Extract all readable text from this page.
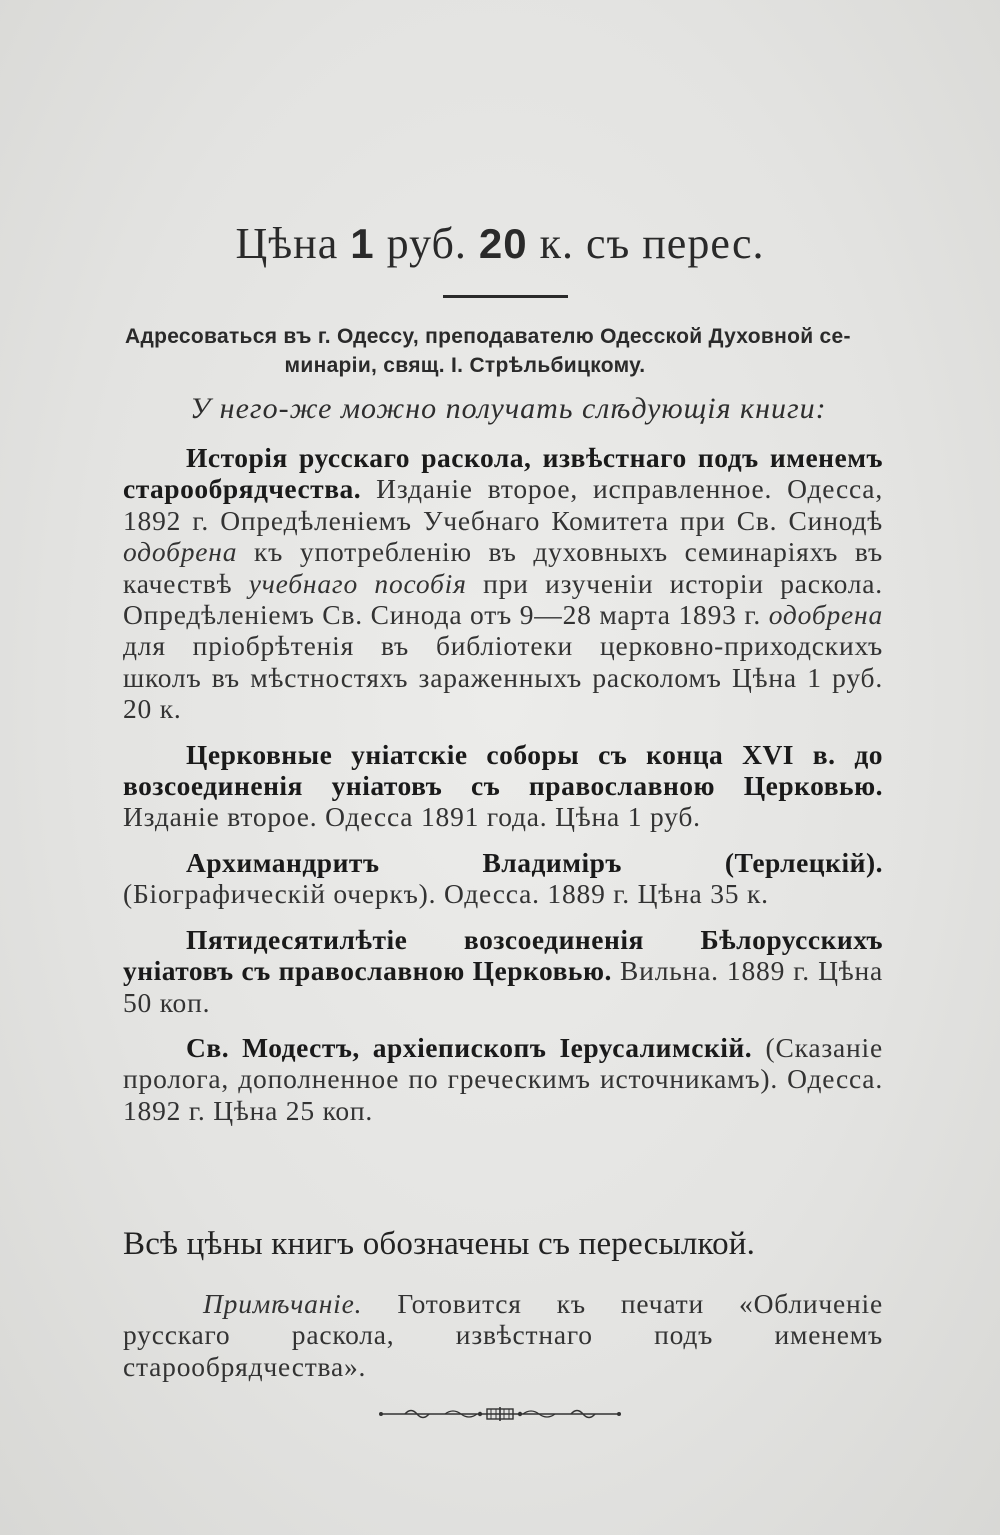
Цѣна 1 руб. 20 к. съ перес.
Адресоваться въ г. Одессу, преподавателю Одесской Духовной се-
минаріи, свящ. І. Стрѣльбицкому.
У него-же можно получать слѣдующія книги:

Исторія русскаго раскола, извѣстнаго подъ именемъ старообрядчества. Изданіе второе, исправленное. Одесса, 1892 г. Опредѣленіемъ Учебнаго Комитета при Св. Синодѣ одобрена къ употребленію въ духовныхъ семинаріяхъ въ качествѣ учебнаго пособія при изученіи исторіи раскола. Опредѣленіемъ Св. Синода отъ 9—28 марта 1893 г. одобрена для пріобрѣтенія въ библіотеки церковно-приходскихъ школъ въ мѣстностяхъ зараженныхъ расколомъ Цѣна 1 руб. 20 к.

Церковные уніатскіе соборы съ конца XVI в. до возсоединенія уніатовъ съ православною Церковью. Изданіе второе. Одесса 1891 года. Цѣна 1 руб.

Архимандритъ Владиміръ (Терлецкій). (Біографическій очеркъ). Одесса. 1889 г. Цѣна 35 к.

Пятидесятилѣтіе возсоединенія Бѣлорусскихъ уніатовъ съ православною Церковью. Вильна. 1889 г. Цѣна 50 коп.

Св. Модестъ, архіепископъ Іерусалимскій. (Сказаніе пролога, дополненное по греческимъ источникамъ). Одесса. 1892 г. Цѣна 25 коп.

Всѣ цѣны книгъ обозначены съ пересылкой.
Примѣчаніе. Готовится къ печати «Обличеніе русскаго раскола, извѣстнаго подъ именемъ старообрядчества».
